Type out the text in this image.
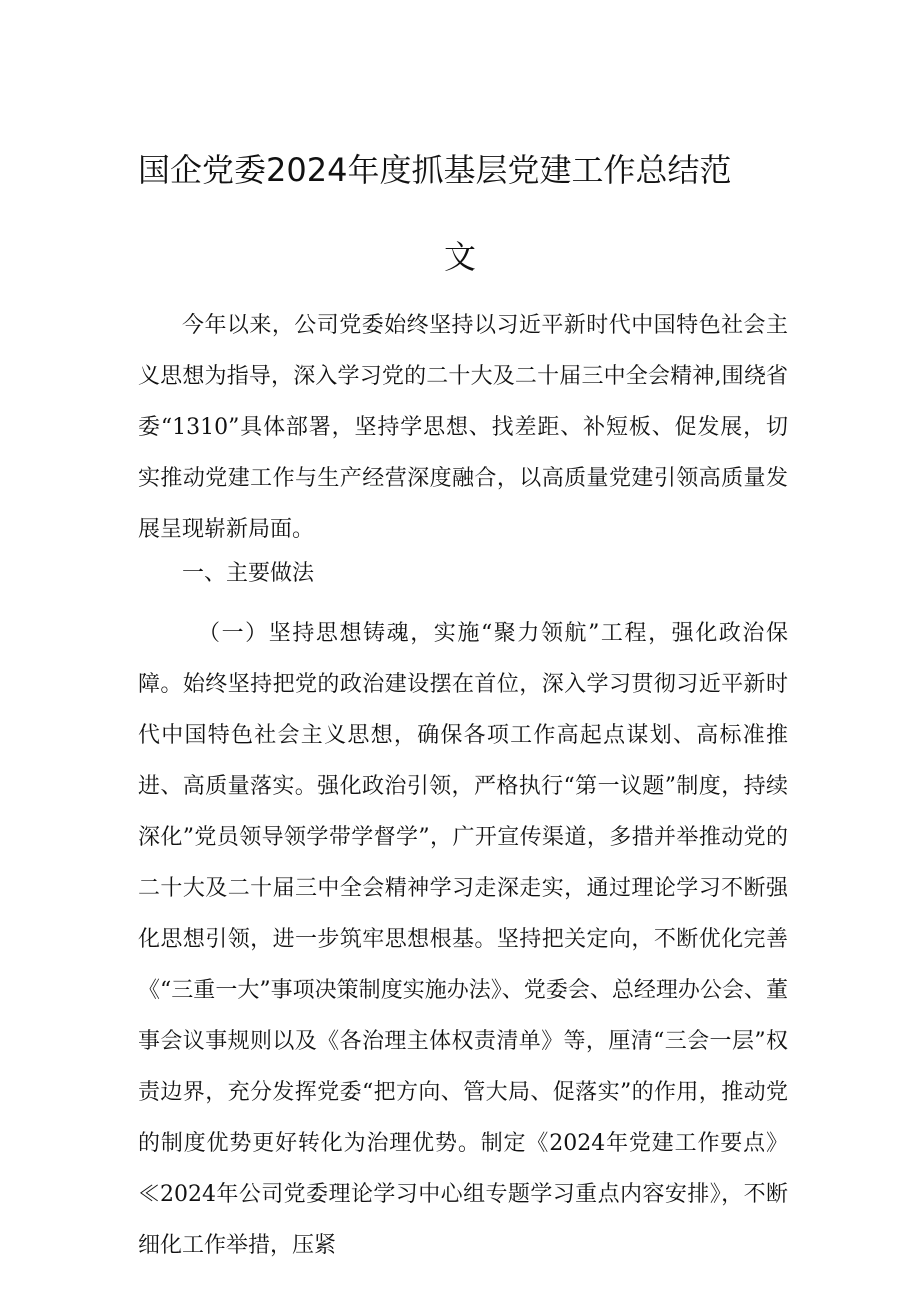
国企党委2024年度抓基层党建工作总结范
文
今年以来，公司党委始终坚持以习近平新时代中国特色社会主义思想为指导，深入学习党的二十大及二十届三中全会精神,围绕省委“1310”具体部署，坚持学思想、找差距、补短板、促发展，切实推动党建工作与生产经营深度融合，以高质量党建引领高质量发展呈现崭新局面。
一、主要做法
（一）坚持思想铸魂，实施“聚力领航”工程，强化政治保障。始终坚持把党的政治建设摆在首位，深入学习贯彻习近平新时代中国特色社会主义思想，确保各项工作高起点谋划、高标准推进、高质量落实。强化政治引领，严格执行“第一议题”制度，持续深化”党员领导领学带学督学”，广开宣传渠道，多措并举推动党的二十大及二十届三中全会精神学习走深走实，通过理论学习不断强化思想引领，进一步筑牢思想根基。坚持把关定向，不断优化完善《“三重一大”事项决策制度实施办法》、党委会、总经理办公会、董事会议事规则以及《各治理主体权责清单》等，厘清“三会一层”权责边界，充分发挥党委“把方向、管大局、促落实”的作用，推动党的制度优势更好转化为治理优势。制定《2024年党建工作要点》≪2024年公司党委理论学习中心组专题学习重点内容安排》，不断细化工作举措，压紧
